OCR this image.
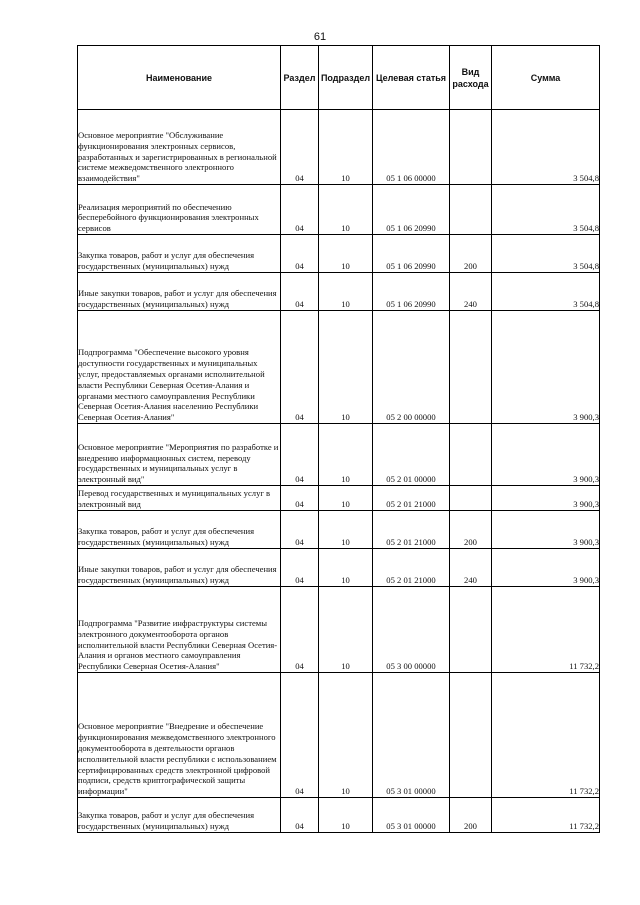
61
Наименование	Раздел	Подраздел	Целевая статья	Вид расхода	Сумма

Основное мероприятие "Обслуживание функционирования электронных сервисов, разработанных и зарегистрированных в региональной системе межведомственного электронного взаимодействия"	04	10	05 1 06 00000		3 504,8

Реализация мероприятий по обеспечению бесперебойного функционирования электронных сервисов	04	10	05 1 06 20990		3 504,8

Закупка товаров, работ и услуг для обеспечения государственных (муниципальных) нужд	04	10	05 1 06 20990	200	3 504,8

Иные закупки товаров, работ и услуг для обеспечения государственных (муниципальных) нужд	04	10	05 1 06 20990	240	3 504,8

Подпрограмма "Обеспечение высокого уровня доступности государственных и муниципальных услуг, предоставляемых органами исполнительной власти Республики Северная Осетия-Алания и органами местного самоуправления Республики Северная Осетия-Алания населению Республики Северная Осетия-Алания"	04	10	05 2 00 00000		3 900,3

Основное мероприятие "Мероприятия по разработке и внедрению информационных систем, переводу государственных и муниципальных услуг в электронный вид"	04	10	05 2 01 00000		3 900,3

Перевод государственных и муниципальных услуг в электронный вид	04	10	05 2 01 21000		3 900,3

Закупка товаров, работ и услуг для обеспечения государственных (муниципальных) нужд	04	10	05 2 01 21000	200	3 900,3

Иные закупки товаров, работ и услуг для обеспечения государственных (муниципальных) нужд	04	10	05 2 01 21000	240	3 900,3

Подпрограмма "Развитие инфраструктуры системы электронного документооборота органов исполнительной власти Республики Северная Осетия-Алания и органов местного самоуправления Республики Северная Осетия-Алания"	04	10	05 3 00 00000		11 732,2

Основное мероприятие "Внедрение и обеспечение функционирования межведомственного электронного документооборота в деятельности органов исполнительной власти республики с использованием сертифицированных средств электронной цифровой подписи, средств криптографической защиты информации"	04	10	05 3 01 00000		11 732,2

Закупка товаров, работ и услуг для обеспечения государственных (муниципальных) нужд	04	10	05 3 01 00000	200	11 732,2
